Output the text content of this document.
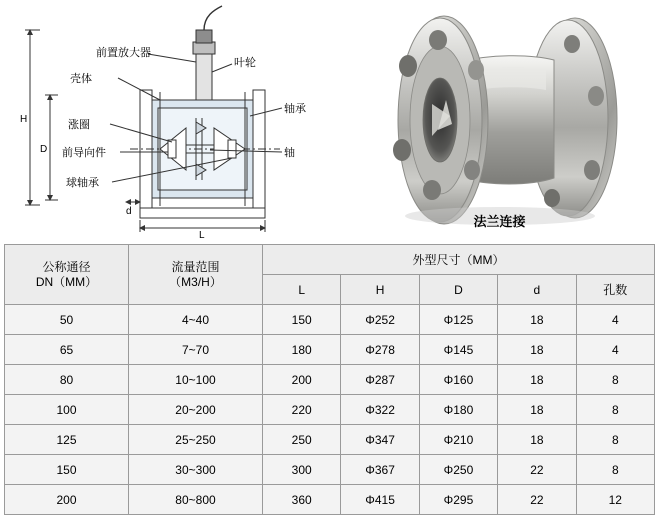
H
D
d
L
前置放大器
叶轮
壳体
轴承
涨圈
前导向件	轴
球轴承
法兰连接
公称通径
DN（MM）

流量范围
（M3/H）
	外型尺寸（MM）
		L	H	D	d	孔数
50	4~40	150	Φ252	Φ125	18	4
65	7~70	180	Φ278	Φ145	18	4
80	10~100	200	Φ287	Φ160	18	8
100	20~200	220	Φ322	Φ180	18	8
125	25~250	250	Φ347	Φ210	18	8
150	30~300	300	Φ367	Φ250	22	8
200	80~800	360	Φ415	Φ295	22	12
